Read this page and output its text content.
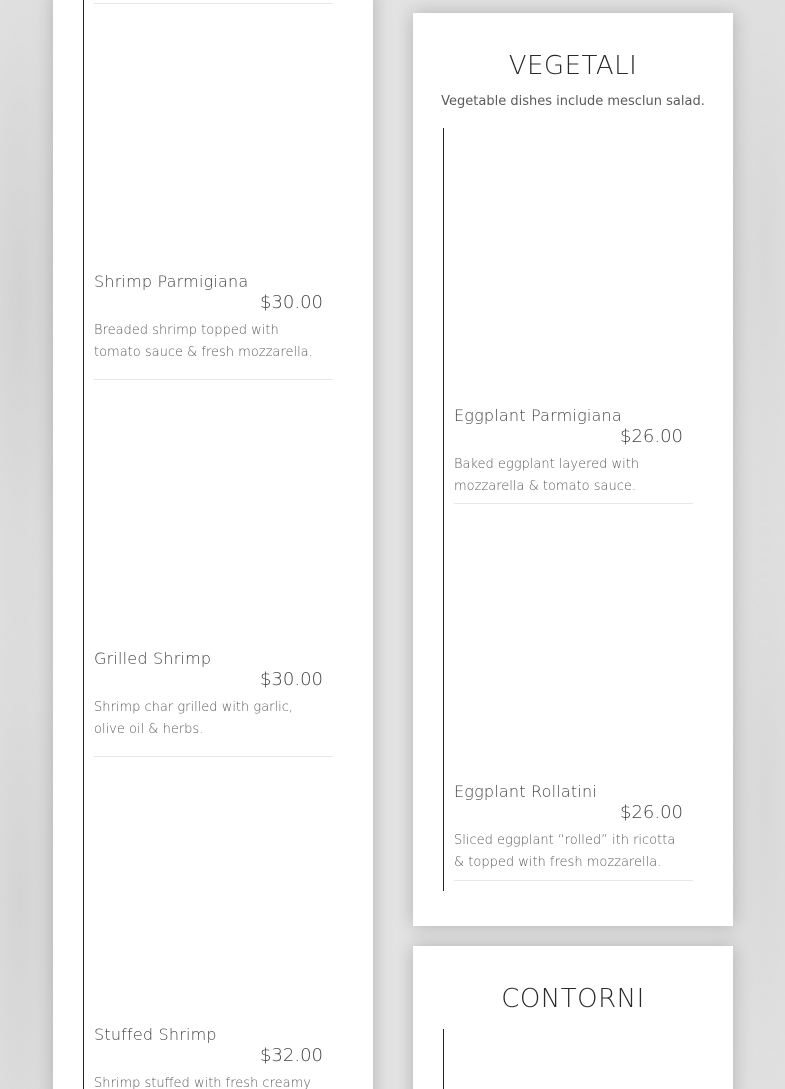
Shrimp Parmigiana
$30.00
Breaded shrimp topped with tomato sauce & fresh mozzarella.
Grilled Shrimp
$30.00
Shrimp char grilled with garlic, olive oil & herbs.
Stuffed Shrimp
$32.00
Shrimp stuffed with fresh creamy
VEGETALI
Vegetable dishes include mesclun salad.
Eggplant Parmigiana
$26.00
Baked eggplant layered with mozzarella & tomato sauce.
Eggplant Rollatini
$26.00
Sliced eggplant “rolled” ith ricotta & topped with fresh mozzarella.
CONTORNI
